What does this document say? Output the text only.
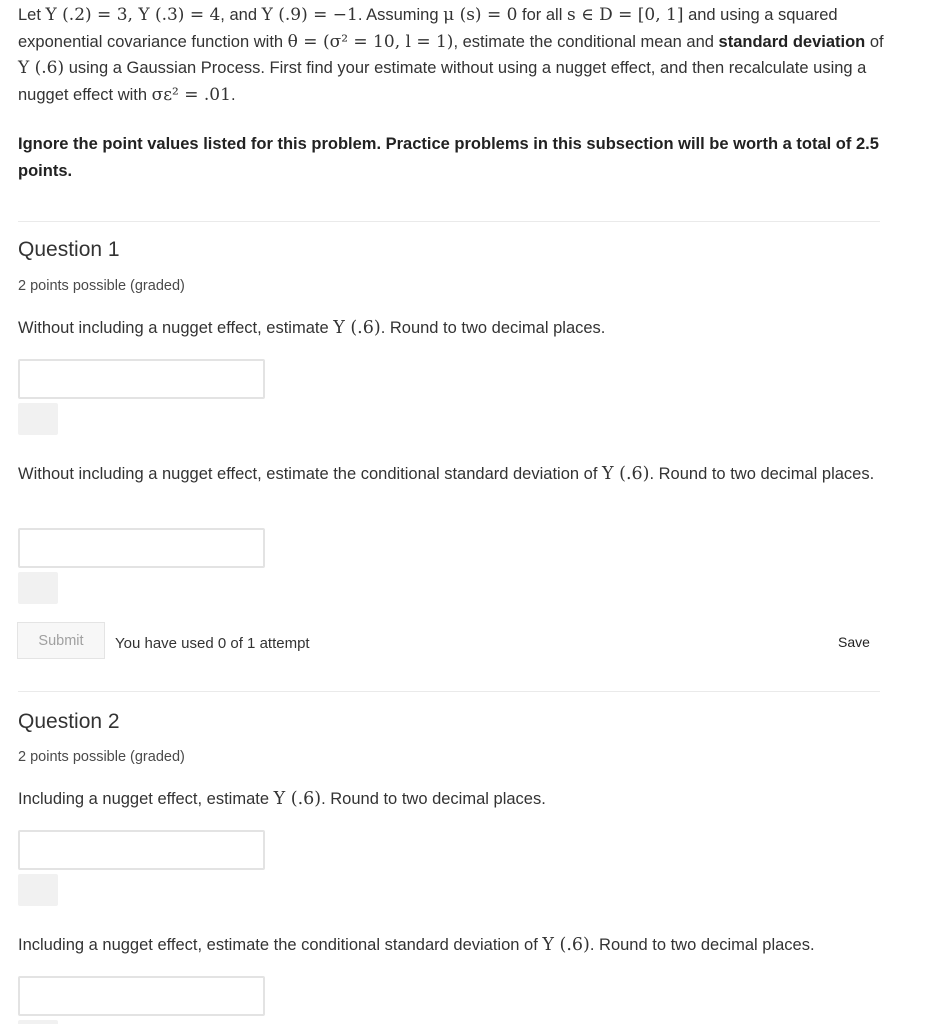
Let Y (.2) = 3, Y (.3) = 4, and Y (.9) = −1. Assuming μ (s) = 0 for all s ∈ D = [0, 1] and using a squared exponential covariance function with θ = (σ² = 10, l = 1), estimate the conditional mean and standard deviation of Y (.6) using a Gaussian Process. First find your estimate without using a nugget effect, and then recalculate using a nugget effect with σε² = .01.
Ignore the point values listed for this problem. Practice problems in this subsection will be worth a total of 2.5 points.
Question 1
2 points possible (graded)
Without including a nugget effect, estimate Y (.6). Round to two decimal places.
Without including a nugget effect, estimate the conditional standard deviation of Y (.6). Round to two decimal places.
Submit	You have used 0 of 1 attempt	Save
Question 2
2 points possible (graded)
Including a nugget effect, estimate Y (.6). Round to two decimal places.
Including a nugget effect, estimate the conditional standard deviation of Y (.6). Round to two decimal places.
